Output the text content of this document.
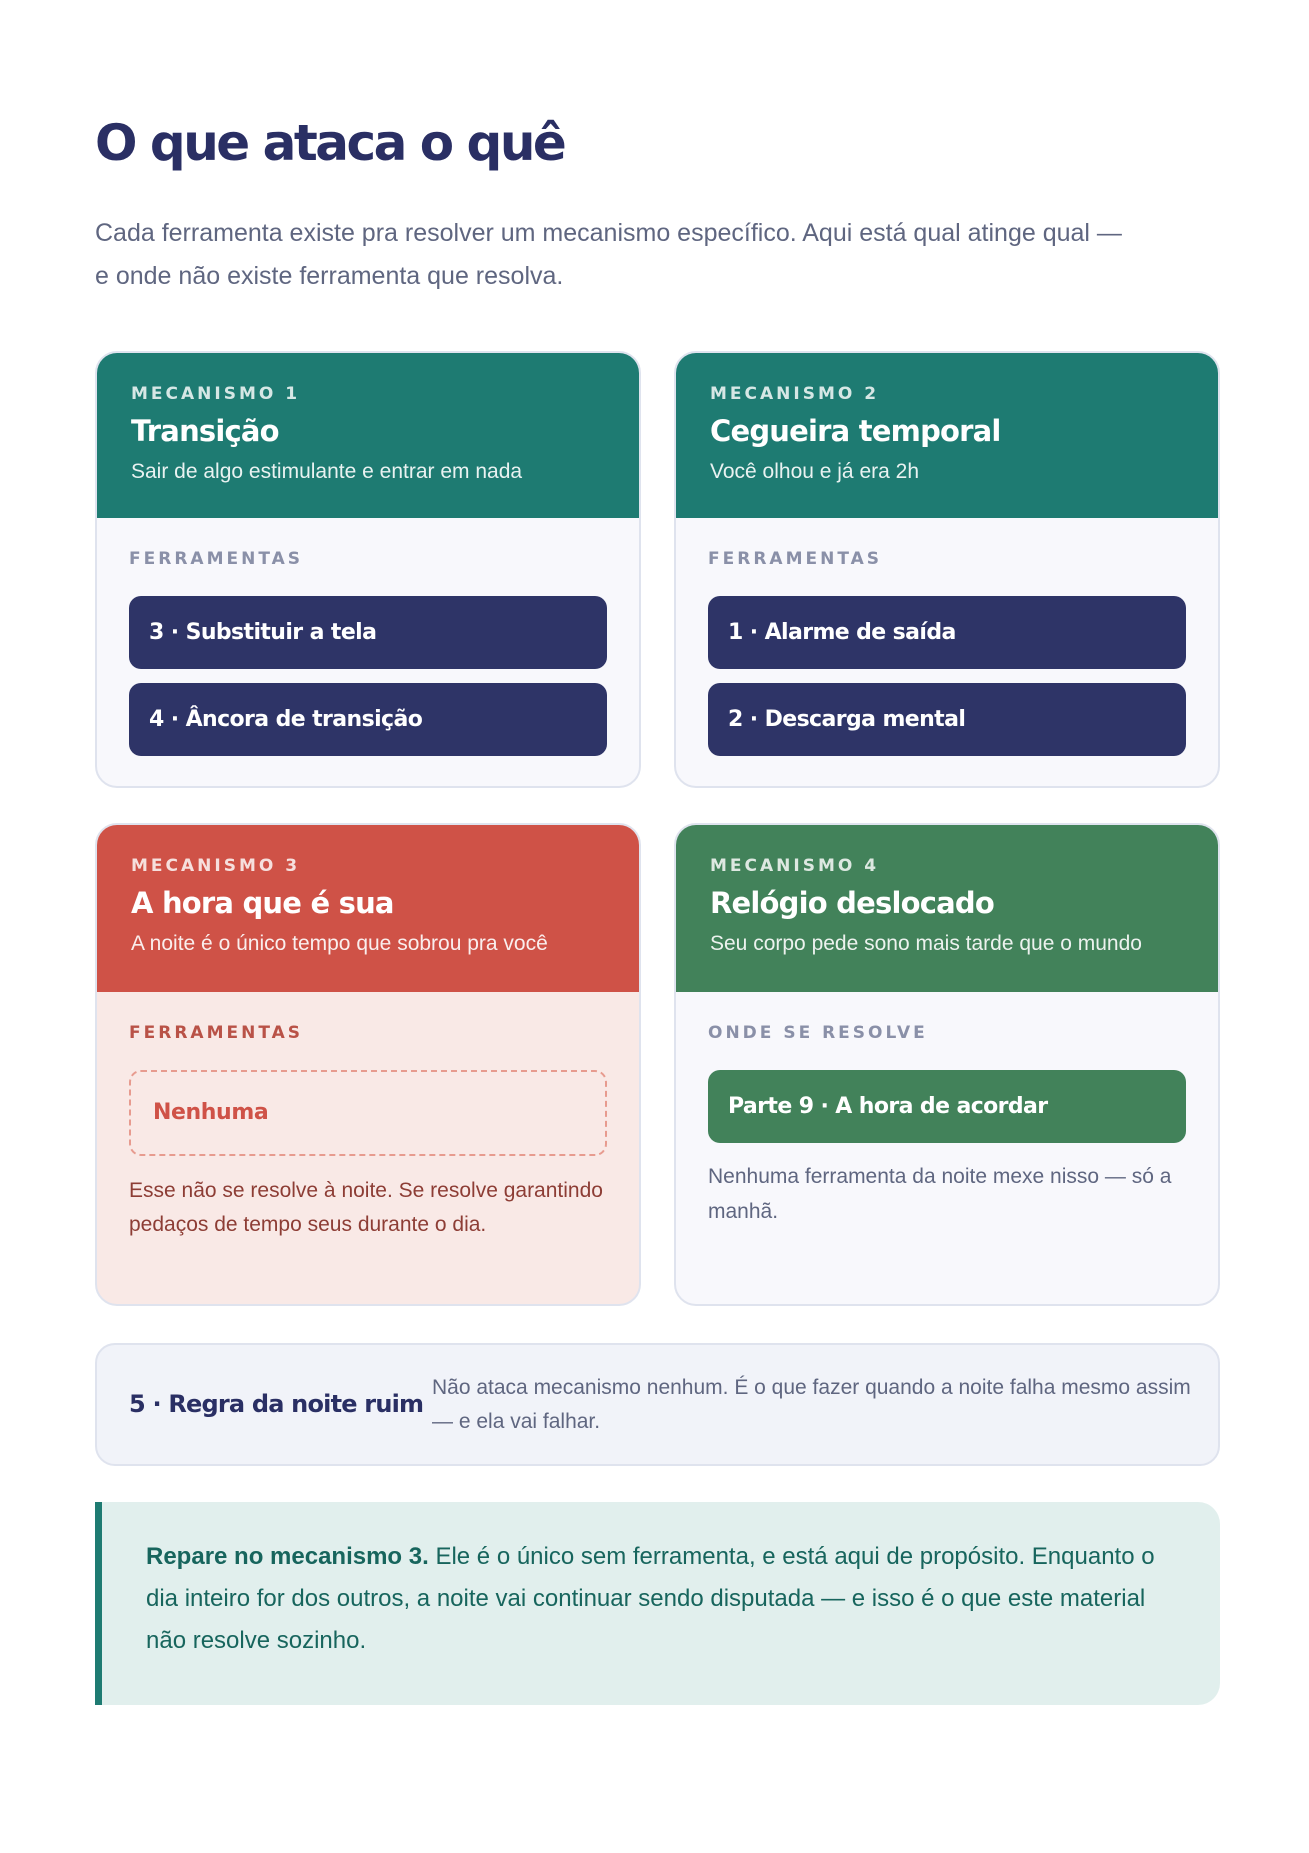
O que ataca o quê

Cada ferramenta existe pra resolver um mecanismo específico. Aqui está qual atinge qual — e onde não existe ferramenta que resolva.

MECANISMO 1
Transição
Sair de algo estimulante e entrar em nada
FERRAMENTAS
3 · Substituir a tela
4 · Âncora de transição
MECANISMO 2
Cegueira temporal
Você olhou e já era 2h
FERRAMENTAS
1 · Alarme de saída
2 · Descarga mental
MECANISMO 3
A hora que é sua
A noite é o único tempo que sobrou pra você
FERRAMENTAS
Nenhuma

Esse não se resolve à noite. Se resolve garantindo pedaços de tempo seus durante o dia.

MECANISMO 4
Relógio deslocado
Seu corpo pede sono mais tarde que o mundo
ONDE SE RESOLVE
Parte 9 · A hora de acordar

Nenhuma ferramenta da noite mexe nisso — só a manhã.

5 · Regra da noite ruim

Não ataca mecanismo nenhum. É o que fazer quando a noite falha mesmo assim — e ela vai falhar.

Repare no mecanismo 3. Ele é o único sem ferramenta, e está aqui de propósito. Enquanto o dia inteiro for dos outros, a noite vai continuar sendo disputada — e isso é o que este material não resolve sozinho.
